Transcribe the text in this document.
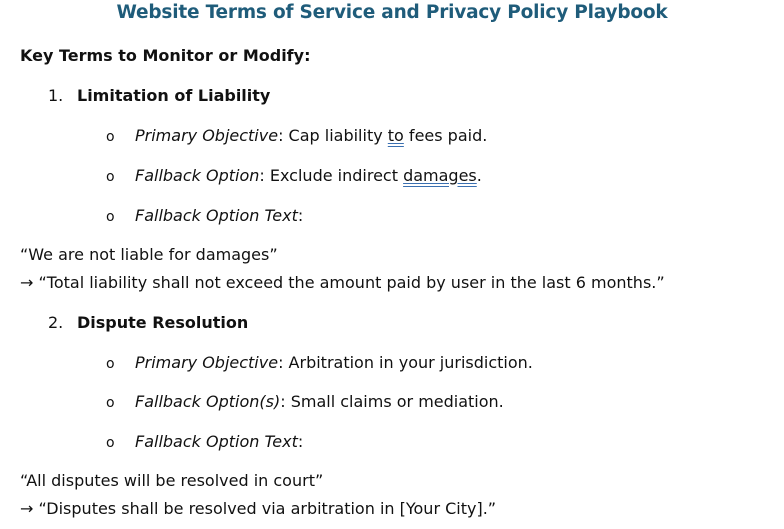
Website Terms of Service and Privacy Policy Playbook
Key Terms to Monitor or Modify:
1. Limitation of Liability
o	Primary Objective: Cap liability to fees paid.
o	Fallback Option: Exclude indirect damages.
o	Fallback Option Text:
“We are not liable for damages”
→ “Total liability shall not exceed the amount paid by user in the last 6 months.”
2. Dispute Resolution
o	Primary Objective: Arbitration in your jurisdiction.
o	Fallback Option(s): Small claims or mediation.
o	Fallback Option Text:
“All disputes will be resolved in court”
→ “Disputes shall be resolved via arbitration in [Your City].”
